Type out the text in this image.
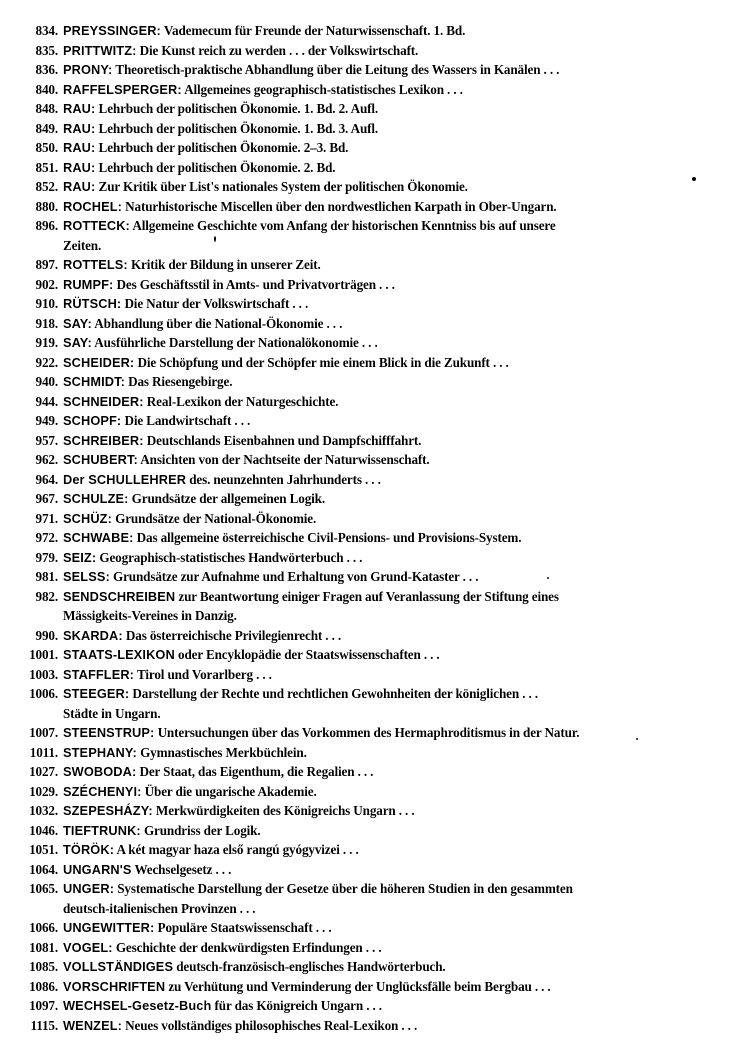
834. PREYSSINGER: Vademecum für Freunde der Naturwissenschaft. 1. Bd.
835. PRITTWITZ: Die Kunst reich zu werden . . . der Volkswirtschaft.
836. PRONY: Theoretisch-praktische Abhandlung über die Leitung des Wassers in Kanälen . . .
840. RAFFELSPERGER: Allgemeines geographisch-statistisches Lexikon . . .
848. RAU: Lehrbuch der politischen Ökonomie. 1. Bd. 2. Aufl.
849. RAU: Lehrbuch der politischen Ökonomie. 1. Bd. 3. Aufl.
850. RAU: Lehrbuch der politischen Ökonomie. 2–3. Bd.
851. RAU: Lehrbuch der politischen Ökonomie. 2. Bd.
852. RAU: Zur Kritik über List's nationales System der politischen Ökonomie.
880. ROCHEL: Naturhistorische Miscellen über den nordwestlichen Karpath in Ober-Ungarn.
896. ROTTECK: Allgemeine Geschichte vom Anfang der historischen Kenntniss bis auf unsere
Zeiten.
897. ROTTELS: Kritik der Bildung in unserer Zeit.
902. RUMPF: Des Geschäftsstil in Amts- und Privatvorträgen . . .
910. RÜTSCH: Die Natur der Volkswirtschaft . . .
918. SAY: Abhandlung über die National-Ökonomie . . .
919. SAY: Ausführliche Darstellung der Nationalökonomie . . .
922. SCHEIDER: Die Schöpfung und der Schöpfer mie einem Blick in die Zukunft . . .
940. SCHMIDT: Das Riesengebirge.
944. SCHNEIDER: Real-Lexikon der Naturgeschichte.
949. SCHOPF: Die Landwirtschaft . . .
957. SCHREIBER: Deutschlands Eisenbahnen und Dampfschifffahrt.
962. SCHUBERT: Ansichten von der Nachtseite der Naturwissenschaft.
964. Der SCHULLEHRER des. neunzehnten Jahrhunderts . . .
967. SCHULZE: Grundsätze der allgemeinen Logik.
971. SCHÜZ: Grundsätze der National-Ökonomie.
972. SCHWABE: Das allgemeine österreichische Civil-Pensions- und Provisions-System.
979. SEIZ: Geographisch-statistisches Handwörterbuch . . .
981. SELSS: Grundsätze zur Aufnahme und Erhaltung von Grund-Kataster . . .
982. SENDSCHREIBEN zur Beantwortung einiger Fragen auf Veranlassung der Stiftung eines
Mässigkeits-Vereines in Danzig.
990. SKARDA: Das österreichische Privilegienrecht . . .
1001. STAATS-LEXIKON oder Encyklopädie der Staatswissenschaften . . .
1003. STAFFLER: Tirol und Vorarlberg . . .
1006. STEEGER: Darstellung der Rechte und rechtlichen Gewohnheiten der königlichen . . .
Städte in Ungarn.
1007. STEENSTRUP: Untersuchungen über das Vorkommen des Hermaphroditismus in der Natur.
1011. STEPHANY: Gymnastisches Merkbüchlein.
1027. SWOBODA: Der Staat, das Eigenthum, die Regalien . . .
1029. SZÉCHENYI: Über die ungarische Akademie.
1032. SZEPESHÁZY: Merkwürdigkeiten des Königreichs Ungarn . . .
1046. TIEFTRUNK: Grundriss der Logik.
1051. TÖRÖK: A két magyar haza első rangú gyógyvizei . . .
1064. UNGARN'S Wechselgesetz . . .
1065. UNGER: Systematische Darstellung der Gesetze über die höheren Studien in den gesammten
deutsch-italienischen Provinzen . . .
1066. UNGEWITTER: Populäre Staatswissenschaft . . .
1081. VOGEL: Geschichte der denkwürdigsten Erfindungen . . .
1085. VOLLSTÄNDIGES deutsch-französisch-englisches Handwörterbuch.
1086. VORSCHRIFTEN zu Verhütung und Verminderung der Unglücksfälle beim Bergbau . . .
1097. WECHSEL-Gesetz-Buch für das Königreich Ungarn . . .
1115. WENZEL: Neues vollständiges philosophisches Real-Lexikon . . .
